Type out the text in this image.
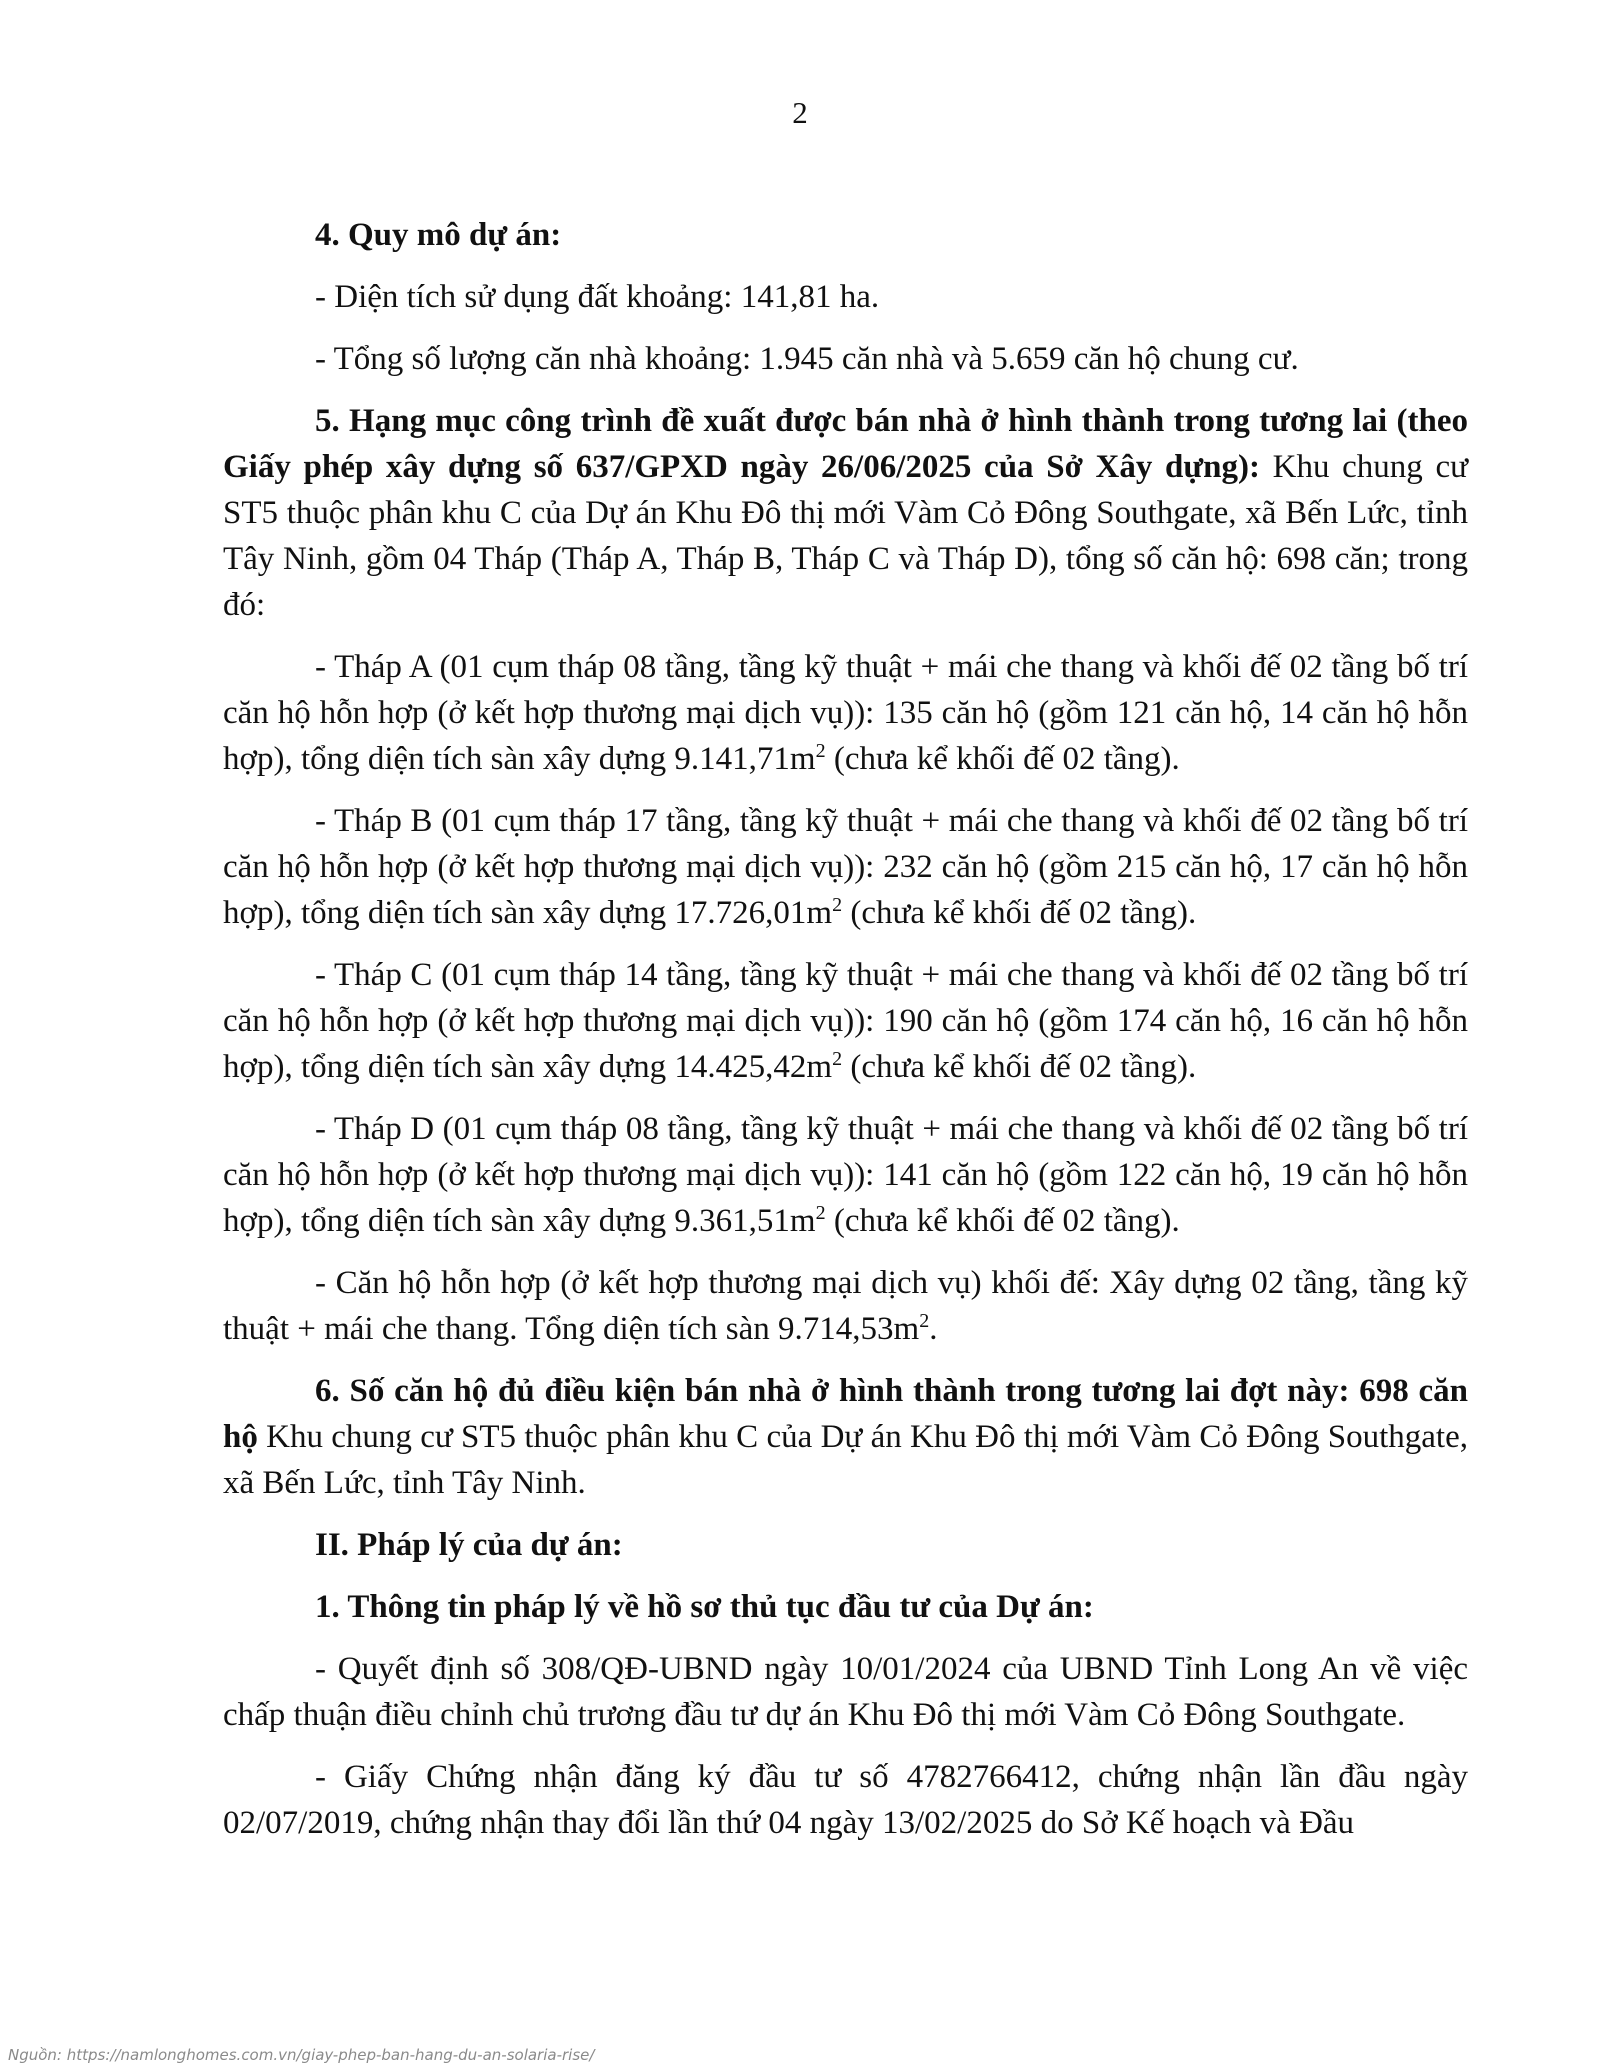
2

4. Quy mô dự án:

- Diện tích sử dụng đất khoảng: 141,81 ha.

- Tổng số lượng căn nhà khoảng: 1.945 căn nhà và 5.659 căn hộ chung cư.

5. Hạng mục công trình đề xuất được bán nhà ở hình thành trong tương lai (theo Giấy phép xây dựng số 637/GPXD ngày 26/06/2025 của Sở Xây dựng): Khu chung cư ST5 thuộc phân khu C của Dự án Khu Đô thị mới Vàm Cỏ Đông Southgate, xã Bến Lức, tỉnh Tây Ninh, gồm 04 Tháp (Tháp A, Tháp B, Tháp C và Tháp D), tổng số căn hộ: 698 căn; trong đó:

- Tháp A (01 cụm tháp 08 tầng, tầng kỹ thuật + mái che thang và khối đế 02 tầng bố trí căn hộ hỗn hợp (ở kết hợp thương mại dịch vụ)): 135 căn hộ (gồm 121 căn hộ, 14 căn hộ hỗn hợp), tổng diện tích sàn xây dựng $9.141,71m^2$ (chưa kể khối đế 02 tầng).

- Tháp B (01 cụm tháp 17 tầng, tầng kỹ thuật + mái che thang và khối đế 02 tầng bố trí căn hộ hỗn hợp (ở kết hợp thương mại dịch vụ)): 232 căn hộ (gồm 215 căn hộ, 17 căn hộ hỗn hợp), tổng diện tích sàn xây dựng $17.726,01m^2$ (chưa kể khối đế 02 tầng).

- Tháp C (01 cụm tháp 14 tầng, tầng kỹ thuật + mái che thang và khối đế 02 tầng bố trí căn hộ hỗn hợp (ở kết hợp thương mại dịch vụ)): 190 căn hộ (gồm 174 căn hộ, 16 căn hộ hỗn hợp), tổng diện tích sàn xây dựng $14.425,42m^2$ (chưa kể khối đế 02 tầng).

- Tháp D (01 cụm tháp 08 tầng, tầng kỹ thuật + mái che thang và khối đế 02 tầng bố trí căn hộ hỗn hợp (ở kết hợp thương mại dịch vụ)): 141 căn hộ (gồm 122 căn hộ, 19 căn hộ hỗn hợp), tổng diện tích sàn xây dựng $9.361,51m^2$ (chưa kể khối đế 02 tầng).

- Căn hộ hỗn hợp (ở kết hợp thương mại dịch vụ) khối đế: Xây dựng 02 tầng, tầng kỹ thuật + mái che thang. Tổng diện tích sàn $9.714,53m^2$.

6. Số căn hộ đủ điều kiện bán nhà ở hình thành trong tương lai đợt này: 698 căn hộ Khu chung cư ST5 thuộc phân khu C của Dự án Khu Đô thị mới Vàm Cỏ Đông Southgate, xã Bến Lức, tỉnh Tây Ninh.

II. Pháp lý của dự án:

1. Thông tin pháp lý về hồ sơ thủ tục đầu tư của Dự án:

- Quyết định số 308/QĐ-UBND ngày 10/01/2024 của UBND Tỉnh Long An về việc chấp thuận điều chỉnh chủ trương đầu tư dự án Khu Đô thị mới Vàm Cỏ Đông Southgate.

- Giấy Chứng nhận đăng ký đầu tư số 4782766412, chứng nhận lần đầu ngày 02/07/2019, chứng nhận thay đổi lần thứ 04 ngày 13/02/2025 do Sở Kế hoạch và Đầu

Nguồn: https://namlonghomes.com.vn/giay-phep-ban-hang-du-an-solaria-rise/
